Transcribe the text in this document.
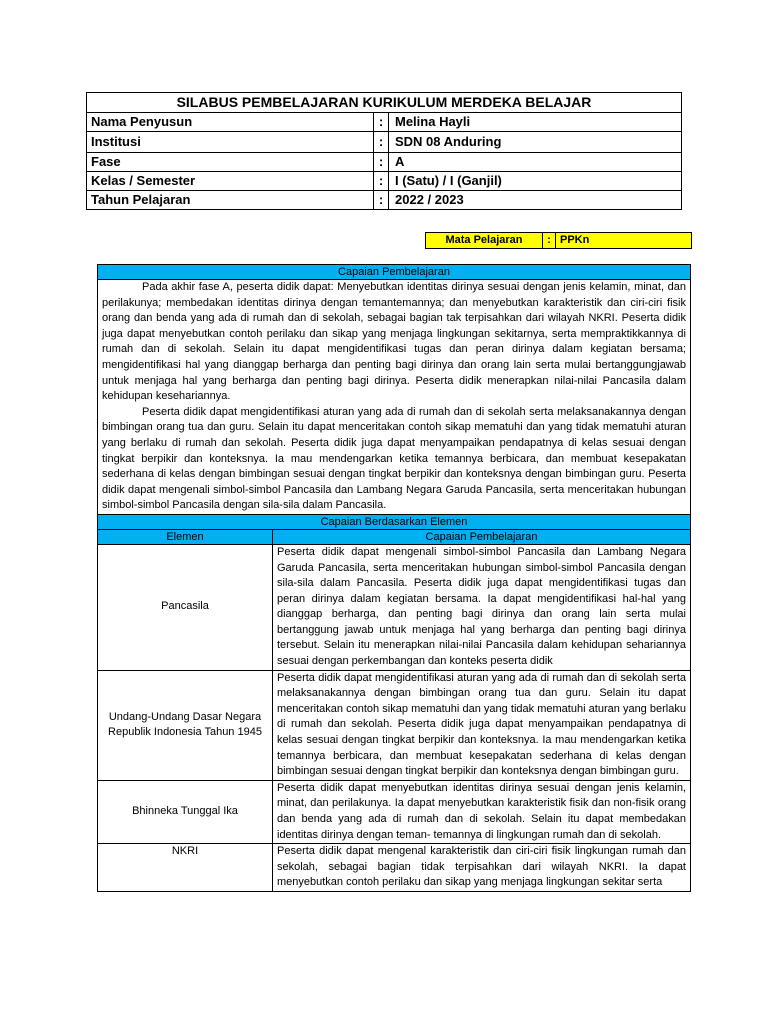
SILABUS PEMBELAJARAN KURIKULUM MERDEKA BELAJAR		
Nama Penyusun	:	Melina Hayli
Institusi	:	SDN 08 Anduring
Fase	:	A
Kelas / Semester	:	I (Satu) / I (Ganjil)
Tahun Pelajaran	:	2022 / 2023
Mata Pelajaran	:	PPKn
Capaian Pembelajaran	

Pada akhir fase A, peserta didik dapat: Menyebutkan identitas dirinya sesuai dengan jenis kelamin, minat, dan perilakunya; membedakan identitas dirinya dengan temantemannya; dan menyebutkan karakteristik dan ciri-ciri fisik orang dan benda yang ada di rumah dan di sekolah, sebagai bagian tak terpisahkan dari wilayah NKRI. Peserta didik juga dapat menyebutkan contoh perilaku dan sikap yang menjaga lingkungan sekitarnya, serta mempraktikkannya di rumah dan di sekolah. Selain itu dapat mengidentifikasi tugas dan peran dirinya dalam kegiatan bersama; mengidentifikasi hal yang dianggap berharga dan penting bagi dirinya dan orang lain serta mulai bertanggungjawab untuk menjaga hal yang berharga dan penting bagi dirinya. Peserta didik menerapkan nilai-nilai Pancasila dalam kehidupan kesehariannya.

Peserta didik dapat mengidentifikasi aturan yang ada di rumah dan di sekolah serta melaksanakannya dengan bimbingan orang tua dan guru. Selain itu dapat menceritakan contoh sikap mematuhi dan yang tidak mematuhi aturan yang berlaku di rumah dan sekolah. Peserta didik juga dapat menyampaikan pendapatnya di kelas sesuai dengan tingkat berpikir dan konteksnya. Ia mau mendengarkan ketika temannya berbicara, dan membuat kesepakatan sederhana di kelas dengan bimbingan sesuai dengan tingkat berpikir dan konteksnya dengan bimbingan guru. Peserta didik dapat mengenali simbol-simbol Pancasila dan Lambang Negara Garuda Pancasila, serta menceritakan hubungan simbol-simbol Pancasila dengan sila-sila dalam Pancasila.	

Capaian Berdasarkan Elemen	
Elemen	Capaian Pembelajaran
Pancasila	Peserta didik dapat mengenali simbol-simbol Pancasila dan Lambang Negara Garuda Pancasila, serta menceritakan hubungan simbol-simbol Pancasila dengan sila-sila dalam Pancasila. Peserta didik juga dapat mengidentifikasi tugas dan peran dirinya dalam kegiatan bersama. Ia dapat mengidentifikasi hal-hal yang dianggap berharga, dan penting bagi dirinya dan orang lain serta mulai bertanggung jawab untuk menjaga hal yang berharga dan penting bagi dirinya tersebut. Selain itu menerapkan nilai-nilai Pancasila dalam kehidupan sehariannya sesuai dengan perkembangan dan konteks peserta didik
Undang-Undang Dasar Negara Republik Indonesia Tahun 1945	Peserta didik dapat mengidentifikasi aturan yang ada di rumah dan di sekolah serta melaksanakannya dengan bimbingan orang tua dan guru. Selain itu dapat menceritakan contoh sikap mematuhi dan yang tidak mematuhi aturan yang berlaku di rumah dan sekolah. Peserta didik juga dapat menyampaikan pendapatnya di kelas sesuai dengan tingkat berpikir dan konteksnya. Ia mau mendengarkan ketika temannya berbicara, dan membuat kesepakatan sederhana di kelas dengan bimbingan sesuai dengan tingkat berpikir dan konteksnya dengan bimbingan guru.
Bhinneka Tunggal Ika	Peserta didik dapat menyebutkan identitas dirinya sesuai dengan jenis kelamin, minat, dan perilakunya. Ia dapat menyebutkan karakteristik fisik dan non-fisik orang dan benda yang ada di rumah dan di sekolah. Selain itu dapat membedakan identitas dirinya dengan teman- temannya di lingkungan rumah dan di sekolah.
NKRI	Peserta didik dapat mengenal karakteristik dan ciri-ciri fisik lingkungan rumah dan sekolah, sebagai bagian tidak terpisahkan dari wilayah NKRI. Ia dapat menyebutkan contoh perilaku dan sikap yang menjaga lingkungan sekitar serta
